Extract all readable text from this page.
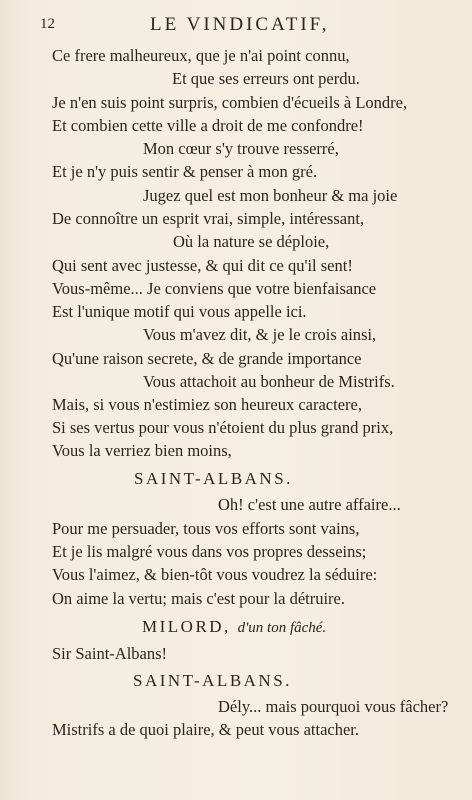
12	LE VINDICATIF,
Ce frere malheureux, que je n'ai point connu,
Et que ses erreurs ont perdu.
Je n'en suis point surpris, combien d'écueils à Londre,
Et combien cette ville a droit de me confondre!
Mon cœur s'y trouve resserré,
Et je n'y puis sentir & penser à mon gré.
Jugez quel est mon bonheur & ma joie
De connoître un esprit vrai, simple, intéressant,
Où la nature se déploie,
Qui sent avec justesse, & qui dit ce qu'il sent!
Vous-même... Je conviens que votre bienfaisance
Est l'unique motif qui vous appelle ici.
Vous m'avez dit, & je le crois ainsi,
Qu'une raison secrete, & de grande importance
Vous attachoit au bonheur de Mistrifs.
Mais, si vous n'estimiez son heureux caractere,
Si ses vertus pour vous n'étoient du plus grand prix,
Vous la verriez bien moins,
SAINT-ALBANS.
Oh! c'est une autre affaire...
Pour me persuader, tous vos efforts sont vains,
Et je lis malgré vous dans vos propres desseins;
Vous l'aimez, & bien-tôt vous voudrez la séduire:
On aime la vertu; mais c'est pour la détruire.
MILORD, d'un ton fâché.
Sir Saint-Albans!
SAINT-ALBANS.
Dély... mais pourquoi vous fâcher?
Mistrifs a de quoi plaire, & peut vous attacher.
